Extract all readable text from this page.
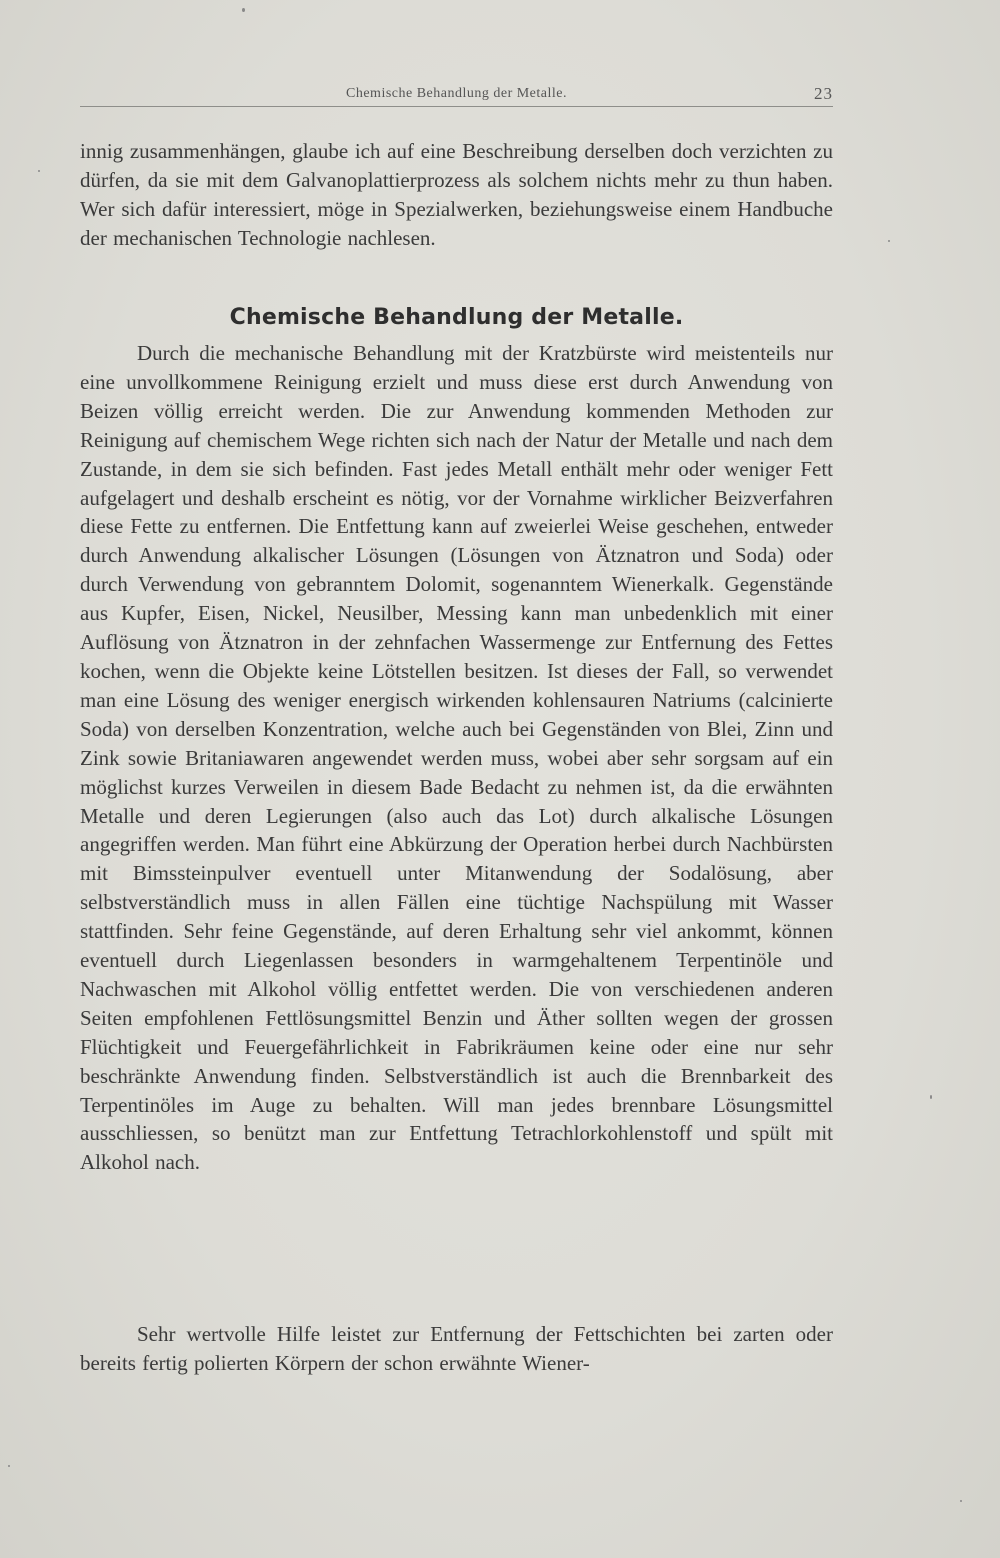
Chemische Behandlung der Metalle.	23

innig zusammenhängen, glaube ich auf eine Beschreibung derselben doch verzichten zu dürfen, da sie mit dem Galvanoplattierprozess als solchem nichts mehr zu thun haben. Wer sich dafür interessiert, möge in Spezialwerken, beziehungsweise einem Handbuche der mechanischen Technologie nachlesen.

Chemische Behandlung der Metalle.

Durch die mechanische Behandlung mit der Kratzbürste wird meistenteils nur eine unvollkommene Reinigung erzielt und muss diese erst durch Anwendung von Beizen völlig erreicht werden. Die zur Anwendung kommenden Methoden zur Reinigung auf chemischem Wege richten sich nach der Natur der Metalle und nach dem Zustande, in dem sie sich befinden. Fast jedes Metall enthält mehr oder weniger Fett aufgelagert und deshalb erscheint es nötig, vor der Vornahme wirklicher Beizverfahren diese Fette zu entfernen. Die Entfettung kann auf zweierlei Weise geschehen, entweder durch Anwendung alkalischer Lösungen (Lösungen von Ätznatron und Soda) oder durch Verwendung von gebranntem Dolomit, sogenanntem Wienerkalk. Gegenstände aus Kupfer, Eisen, Nickel, Neusilber, Messing kann man unbedenklich mit einer Auflösung von Ätznatron in der zehnfachen Wassermenge zur Entfernung des Fettes kochen, wenn die Objekte keine Lötstellen besitzen. Ist dieses der Fall, so verwendet man eine Lösung des weniger energisch wirkenden kohlensauren Natriums (calcinierte Soda) von derselben Konzentration, welche auch bei Gegenständen von Blei, Zinn und Zink sowie Britaniawaren angewendet werden muss, wobei aber sehr sorgsam auf ein möglichst kurzes Verweilen in diesem Bade Bedacht zu nehmen ist, da die erwähnten Metalle und deren Legierungen (also auch das Lot) durch alkalische Lösungen angegriffen werden. Man führt eine Abkürzung der Operation herbei durch Nachbürsten mit Bimssteinpulver eventuell unter Mitanwendung der Sodalösung, aber selbstverständlich muss in allen Fällen eine tüchtige Nachspülung mit Wasser stattfinden. Sehr feine Gegenstände, auf deren Erhaltung sehr viel ankommt, können eventuell durch Liegenlassen besonders in warmgehaltenem Terpentinöle und Nachwaschen mit Alkohol völlig entfettet werden. Die von verschiedenen anderen Seiten empfohlenen Fettlösungsmittel Benzin und Äther sollten wegen der grossen Flüchtigkeit und Feuergefährlichkeit in Fabrikräumen keine oder eine nur sehr beschränkte Anwendung finden. Selbstverständlich ist auch die Brennbarkeit des Terpentinöles im Auge zu behalten. Will man jedes brennbare Lösungsmittel ausschliessen, so benützt man zur Entfettung Tetrachlorkohlenstoff und spült mit Alkohol nach.

Sehr wertvolle Hilfe leistet zur Entfernung der Fettschichten bei zarten oder bereits fertig polierten Körpern der schon erwähnte Wiener-
